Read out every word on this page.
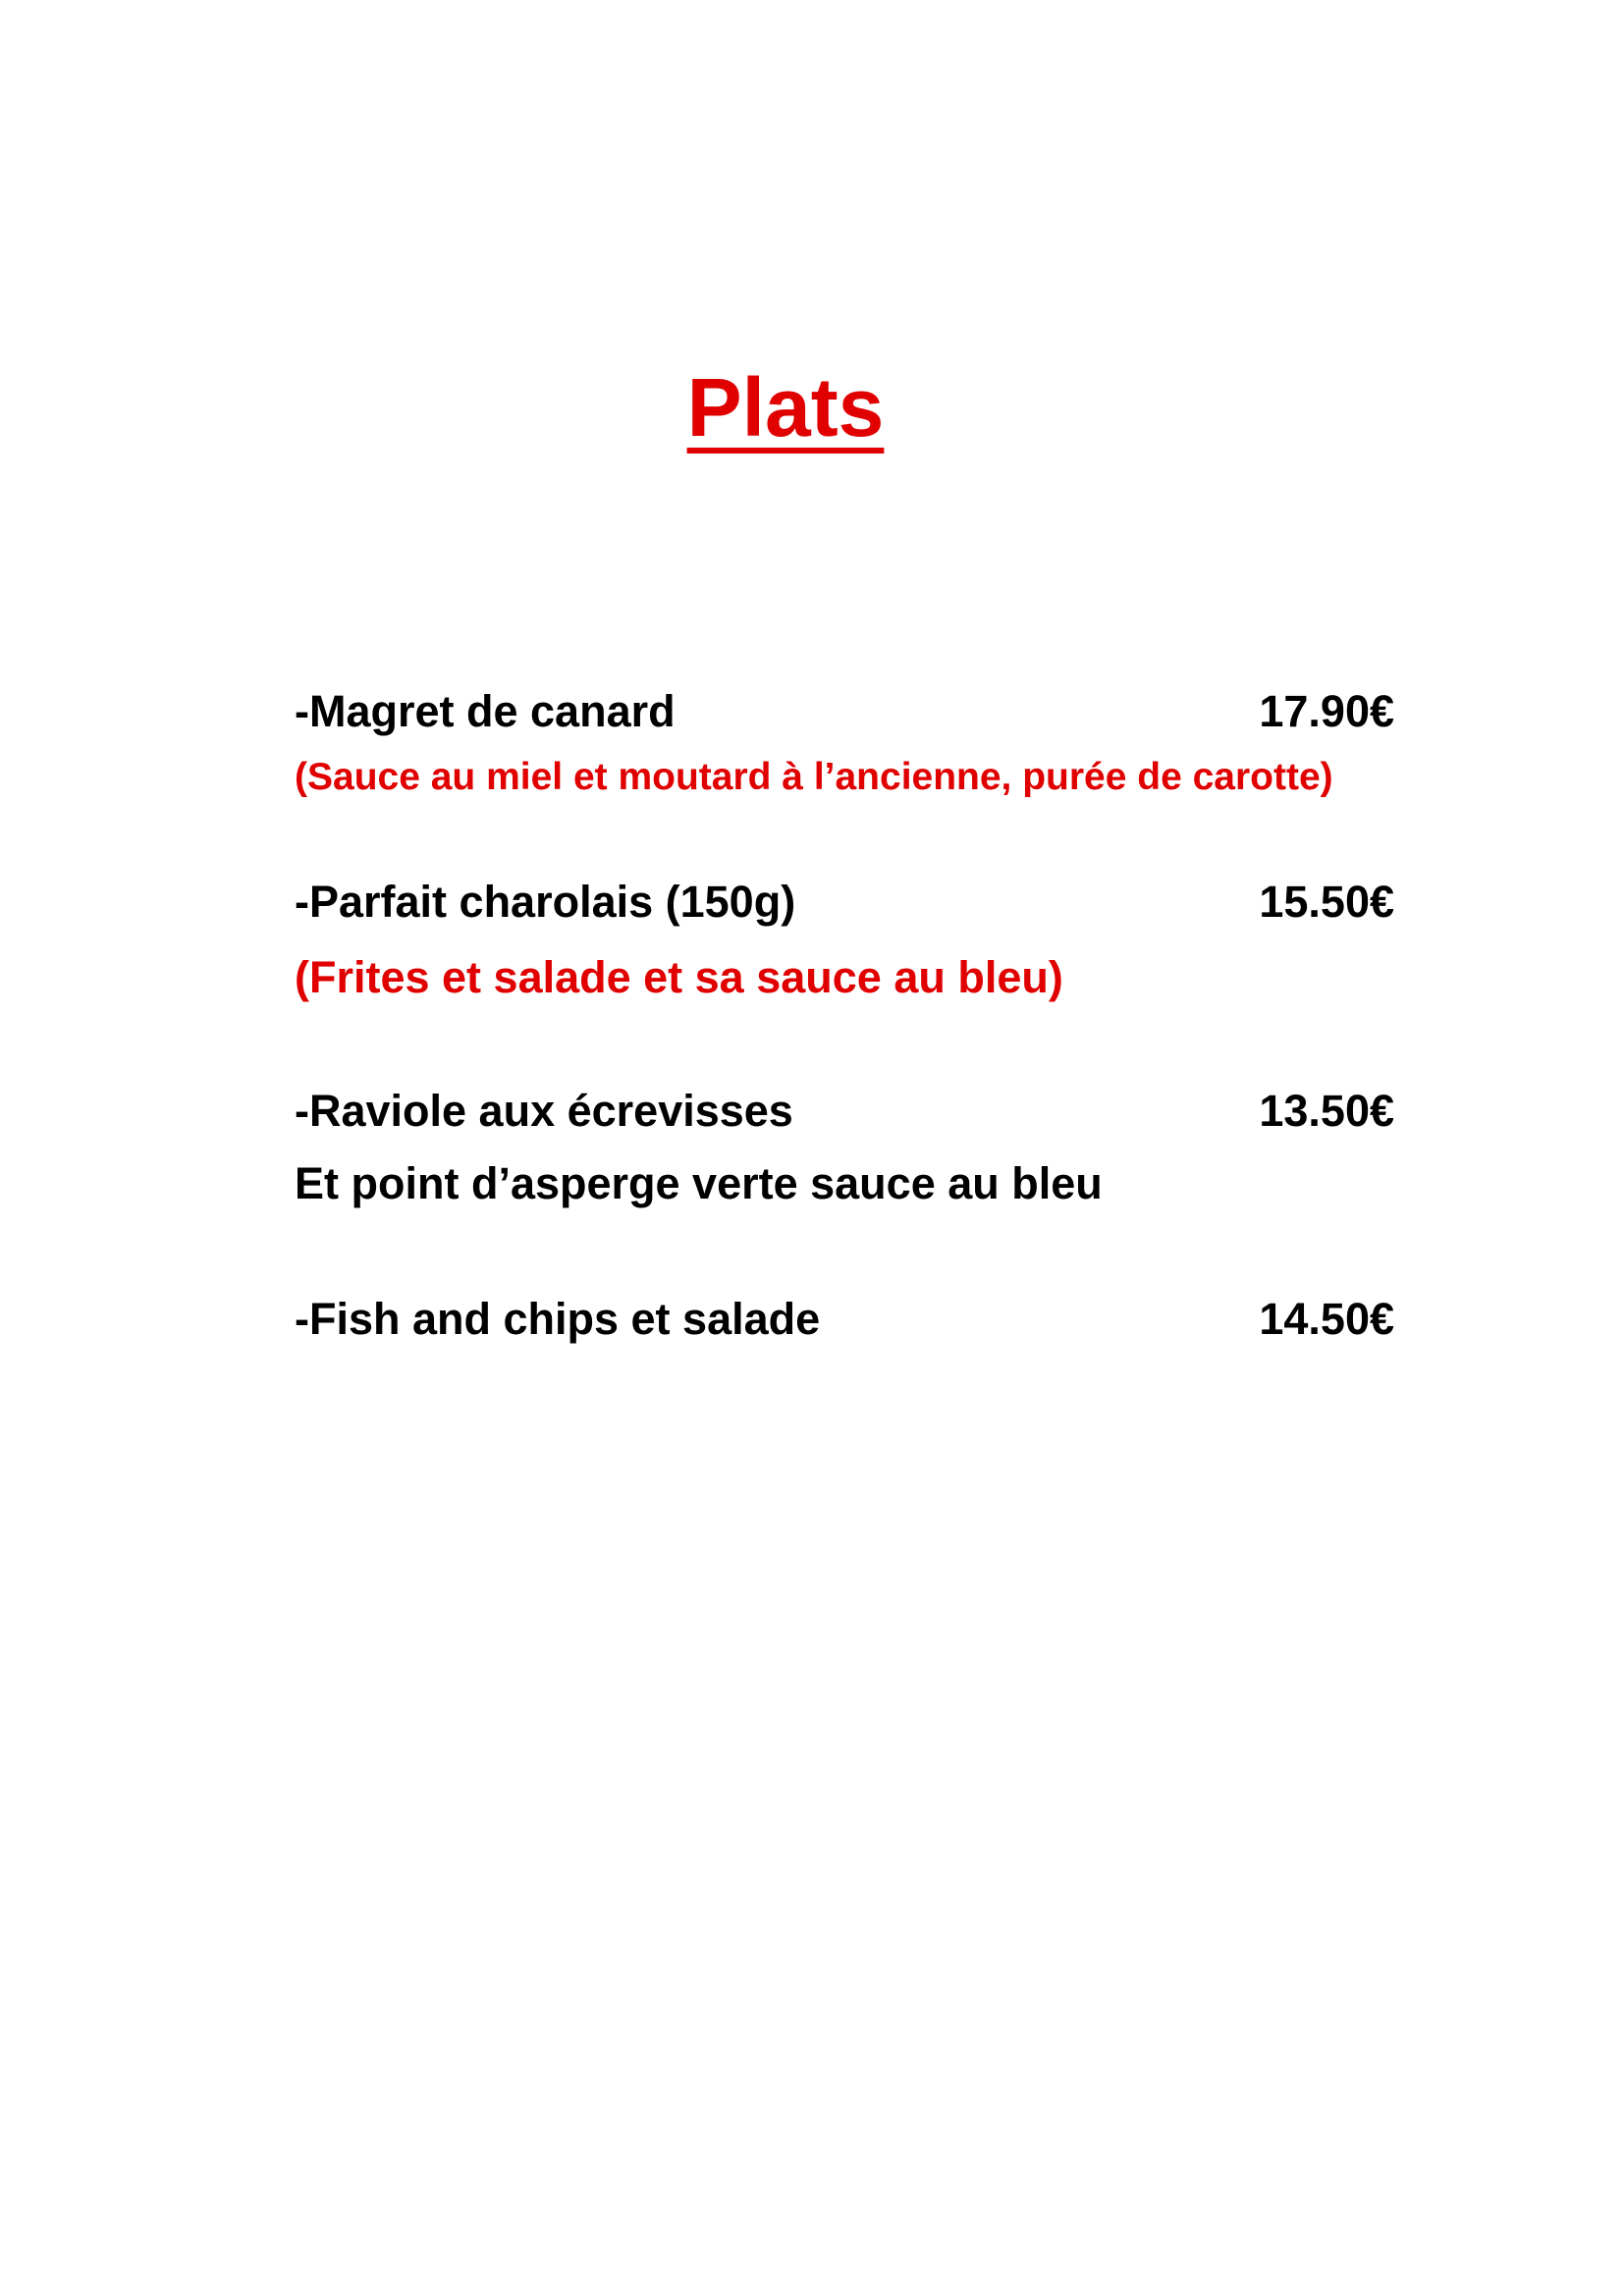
Plats
-Magret de canard	17.90€
(Sauce au miel et moutard à l’ancienne, purée de carotte)
-Parfait charolais (150g)	15.50€
(Frites et salade et sa sauce au bleu)
-Raviole aux écrevisses	13.50€
Et point d’asperge verte sauce au bleu
-Fish and chips et salade	14.50€
